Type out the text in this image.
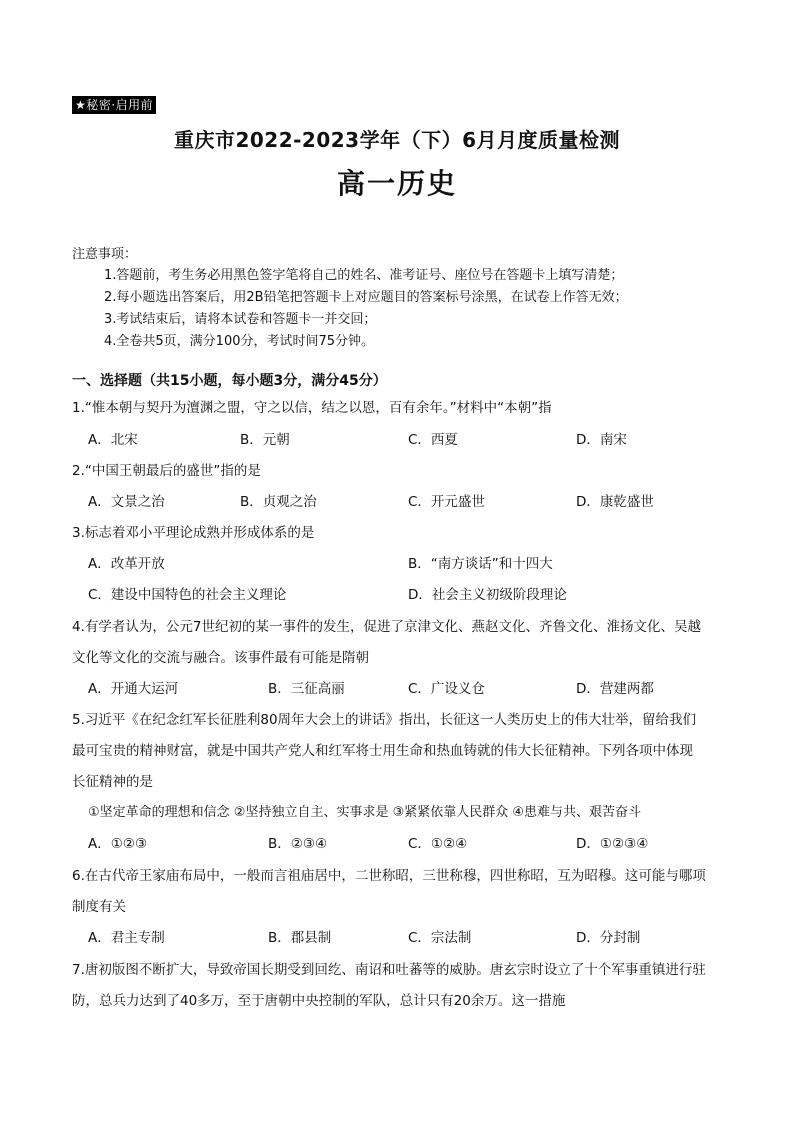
★秘密·启用前
重庆市2022-2023学年（下）6月月度质量检测
高一历史
注意事项：
1.答题前，考生务必用黑色签字笔将自己的姓名、准考证号、座位号在答题卡上填写清楚；
2.每小题选出答案后，用2B铅笔把答题卡上对应题目的答案标号涂黑，在试卷上作答无效；
3.考试结束后，请将本试卷和答题卡一并交回；
4.全卷共5页，满分100分，考试时间75分钟。
一、选择题（共15小题，每小题3分，满分45分）
1.“惟本朝与契丹为澶渊之盟，守之以信，结之以恩，百有余年。”材料中“本朝”指
A．北宋	B．元朝	C．西夏	D．南宋
2.“中国王朝最后的盛世”指的是
A．文景之治	B．贞观之治	C．开元盛世	D．康乾盛世
3.标志着邓小平理论成熟并形成体系的是
A．改革开放	B．“南方谈话”和十四大
C．建设中国特色的社会主义理论	D．社会主义初级阶段理论
4.有学者认为，公元7世纪初的某一事件的发生，促进了京津文化、燕赵文化、齐鲁文化、淮扬文化、吴越
文化等文化的交流与融合。该事件最有可能是隋朝
A．开通大运河	B．三征高丽	C．广设义仓	D．营建两都
5.习近平《在纪念红军长征胜利80周年大会上的讲话》指出，长征这一人类历史上的伟大壮举，留给我们
最可宝贵的精神财富，就是中国共产党人和红军将士用生命和热血铸就的伟大长征精神。下列各项中体现
长征精神的是
①坚定革命的理想和信念 ②坚持独立自主、实事求是 ③紧紧依靠人民群众 ④患难与共、艰苦奋斗
A．①②③	B．②③④	C．①②④	D．①②③④
6.在古代帝王家庙布局中，一般而言祖庙居中，二世称昭，三世称穆，四世称昭，互为昭穆。这可能与哪项
制度有关
A．君主专制	B．郡县制	C．宗法制	D．分封制
7.唐初版图不断扩大，导致帝国长期受到回纥、南诏和吐蕃等的威胁。唐玄宗时设立了十个军事重镇进行驻
防，总兵力达到了40多万，至于唐朝中央控制的军队，总计只有20余万。这一措施
